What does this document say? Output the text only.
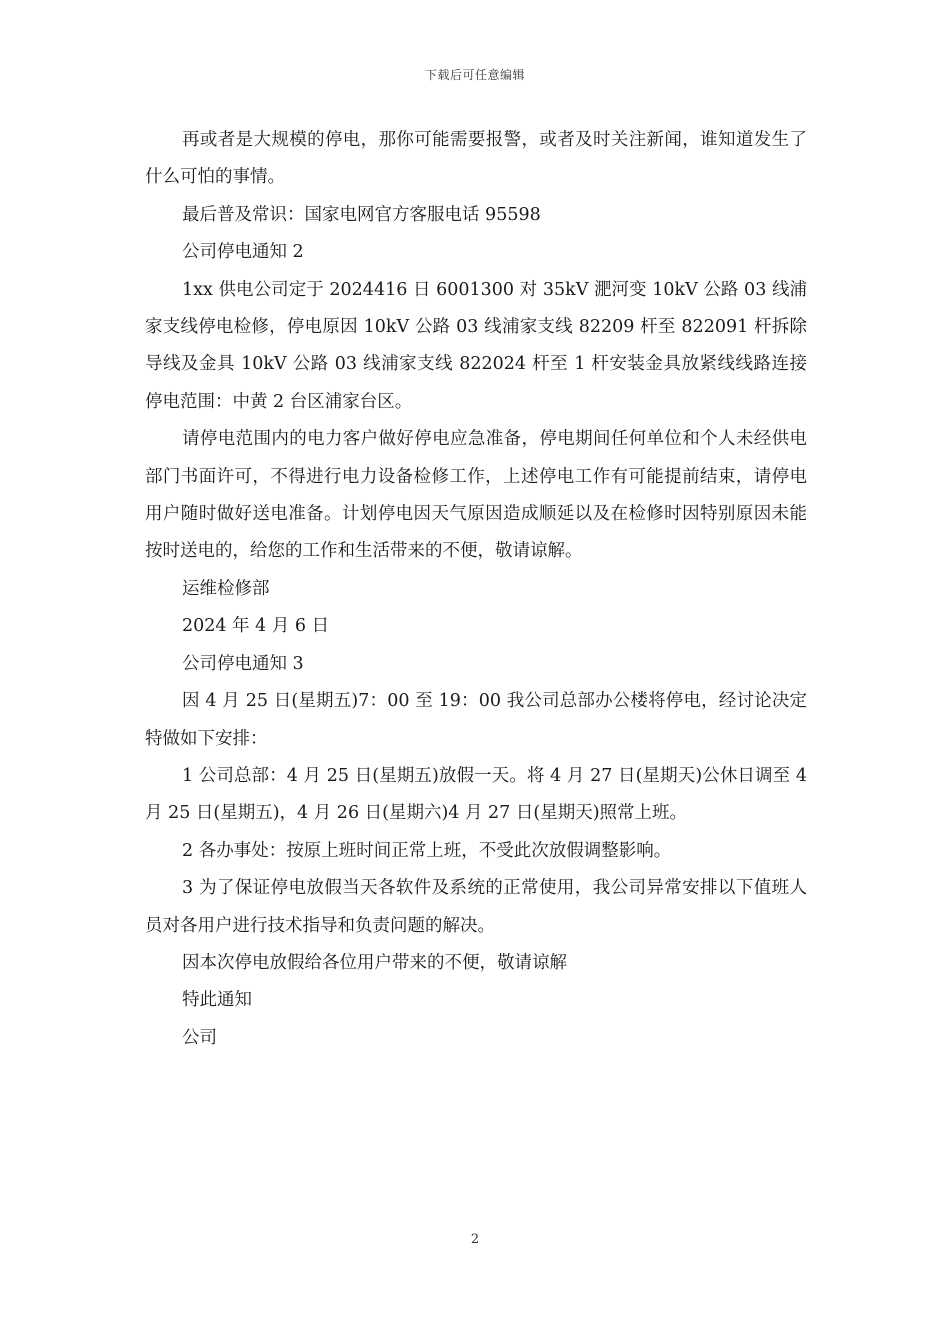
下载后可任意编辑

再或者是大规模的停电，那你可能需要报警，或者及时关注新闻，谁知道发生了什么可怕的事情。

最后普及常识：国家电网官方客服电话 95598

公司停电通知 2

1xx 供电公司定于 2024416 日 6001300 对 35kV 淝河变 10kV 公路 03 线浦家支线停电检修，停电原因 10kV 公路 03 线浦家支线 82209 杆至 822091 杆拆除导线及金具 10kV 公路 03 线浦家支线 822024 杆至 1 杆安装金具放紧线线路连接停电范围：中黄 2 台区浦家台区。

请停电范围内的电力客户做好停电应急准备，停电期间任何单位和个人未经供电部门书面许可，不得进行电力设备检修工作，上述停电工作有可能提前结束，请停电用户随时做好送电准备。计划停电因天气原因造成顺延以及在检修时因特别原因未能按时送电的，给您的工作和生活带来的不便，敬请谅解。

运维检修部

2024 年 4 月 6 日

公司停电通知 3

因 4 月 25 日(星期五)7：00 至 19：00 我公司总部办公楼将停电，经讨论决定特做如下安排：

1 公司总部：4 月 25 日(星期五)放假一天。将 4 月 27 日(星期天)公休日调至 4 月 25 日(星期五)，4 月 26 日(星期六)4 月 27 日(星期天)照常上班。

2 各办事处：按原上班时间正常上班，不受此次放假调整影响。

3 为了保证停电放假当天各软件及系统的正常使用，我公司异常安排以下值班人员对各用户进行技术指导和负责问题的解决。

因本次停电放假给各位用户带来的不便，敬请谅解

特此通知

公司

2
